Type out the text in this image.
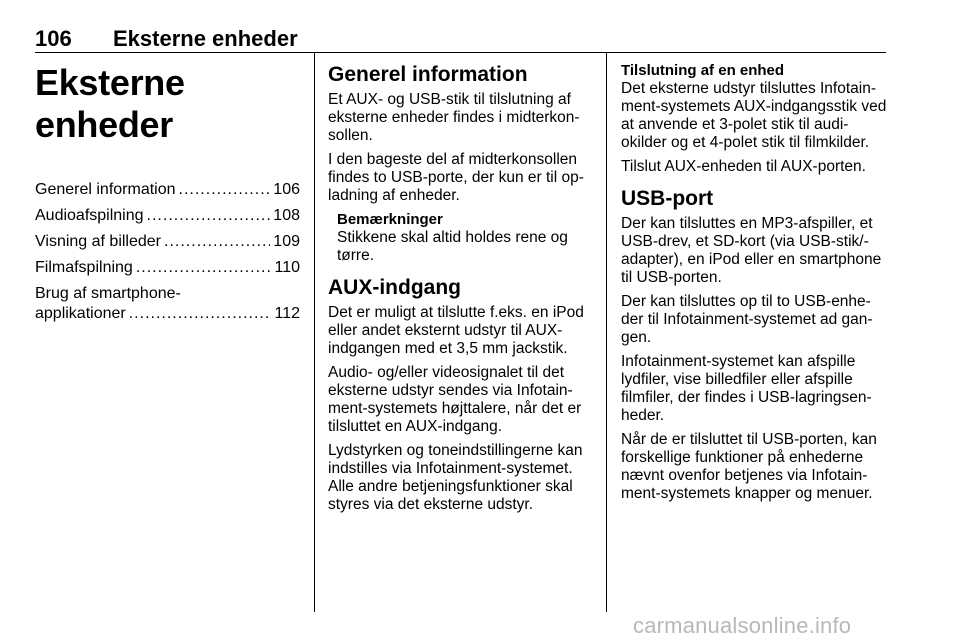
106 Eksterne enheder
Eksterne enheder
Generel information .....	106
Audioafspilning .....	108
Visning af billeder .....	109
Filmafspilning .....	110
Brug af smartphone-
applikationer .....	112
Generel information

Et AUX- og USB-stik til tilslutning af eksterne enheder findes i midterkon- sollen.

I den bageste del af midterkonsollen findes to USB-porte, der kun er til op- ladning af enheder.

Bemærkninger

Stikkene skal altid holdes rene og tørre.

AUX-indgang

Det er muligt at tilslutte f.eks. en iPod eller andet eksternt udstyr til AUX- indgangen med et 3,5 mm jackstik.

Audio- og/eller videosignalet til det eksterne udstyr sendes via Infotain- ment-systemets højttalere, når det er tilsluttet en AUX-indgang.

Lydstyrken og toneindstillingerne kan indstilles via Infotainment-systemet. Alle andre betjeningsfunktioner skal styres via det eksterne udstyr.

Tilslutning af en enhed

Det eksterne udstyr tilsluttes Infotain- ment-systemets AUX-indgangsstik ved at anvende et 3-polet stik til audi- okilder og et 4-polet stik til filmkilder.

Tilslut AUX-enheden til AUX-porten.

USB-port

Der kan tilsluttes en MP3-afspiller, et USB-drev, et SD-kort (via USB-stik/- adapter), en iPod eller en smartphone til USB-porten.

Der kan tilsluttes op til to USB-enhe- der til Infotainment-systemet ad gan- gen.

Infotainment-systemet kan afspille lydfiler, vise billedfiler eller afspille filmfiler, der findes i USB-lagringsen- heder.

Når de er tilsluttet til USB-porten, kan forskellige funktioner på enhederne nævnt ovenfor betjenes via Infotain- ment-systemets knapper og menuer.

carmanualsonline.info
